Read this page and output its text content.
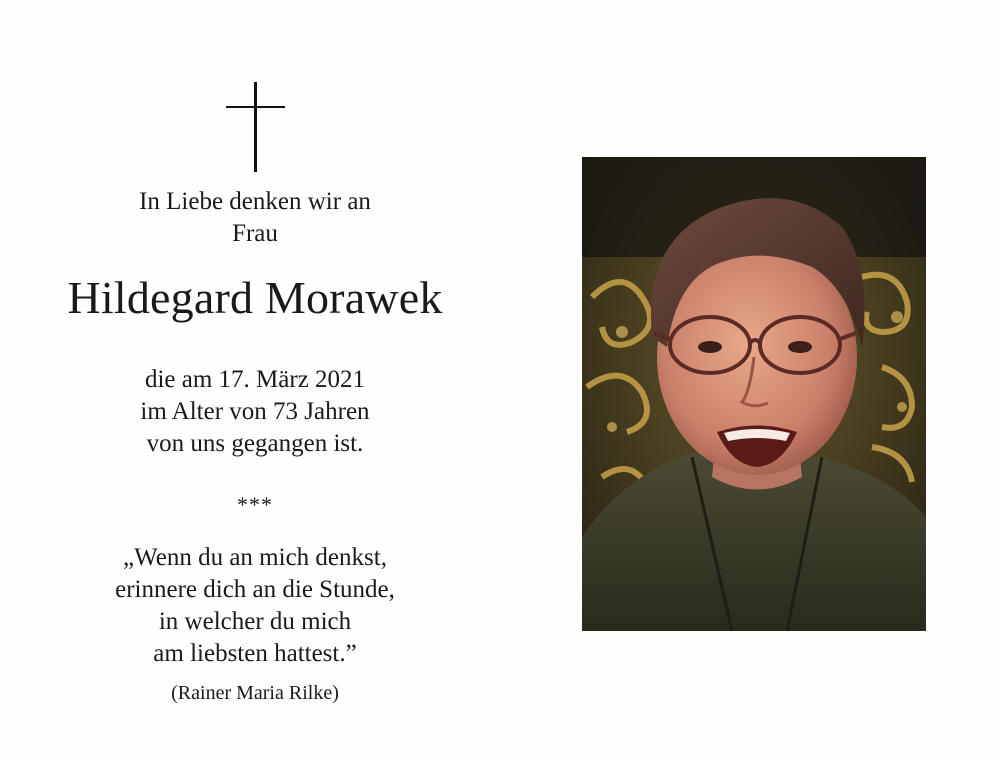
In Liebe denken wir an
Frau
Hildegard Morawek
die am 17. März 2021
im Alter von 73 Jahren
von uns gegangen ist.
***
„Wenn du an mich denkst,
erinnere dich an die Stunde,
in welcher du mich
am liebsten hattest.”
(Rainer Maria Rilke)
